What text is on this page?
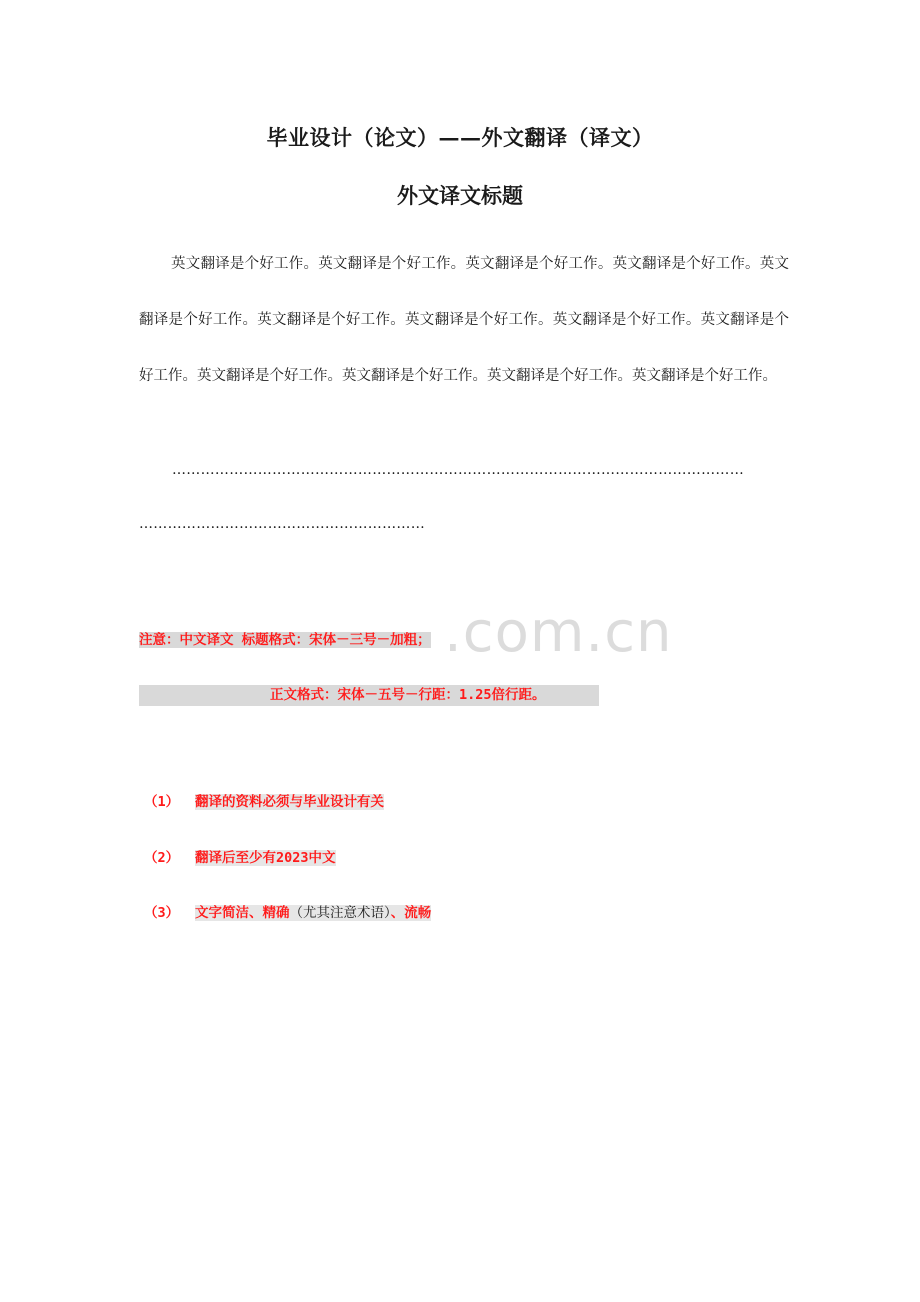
毕业设计（论文）——外文翻译（译文）
外文译文标题
英文翻译是个好工作。英文翻译是个好工作。英文翻译是个好工作。英文翻译是个好工作。英文翻译是个好工作。英文翻译是个好工作。英文翻译是个好工作。英文翻译是个好工作。英文翻译是个好工作。英文翻译是个好工作。英文翻译是个好工作。英文翻译是个好工作。英文翻译是个好工作。
…………………………………………………………………………………………………………
……………………………………………………
.com.cn
注意：中文译文 标题格式：宋体－三号－加粗；
正文格式：宋体－五号－行距：1.25倍行距。
（1） 翻译的资料必须与毕业设计有关
（2） 翻译后至少有2023中文
（3） 文字简洁、精确（尤其注意术语）、流畅
